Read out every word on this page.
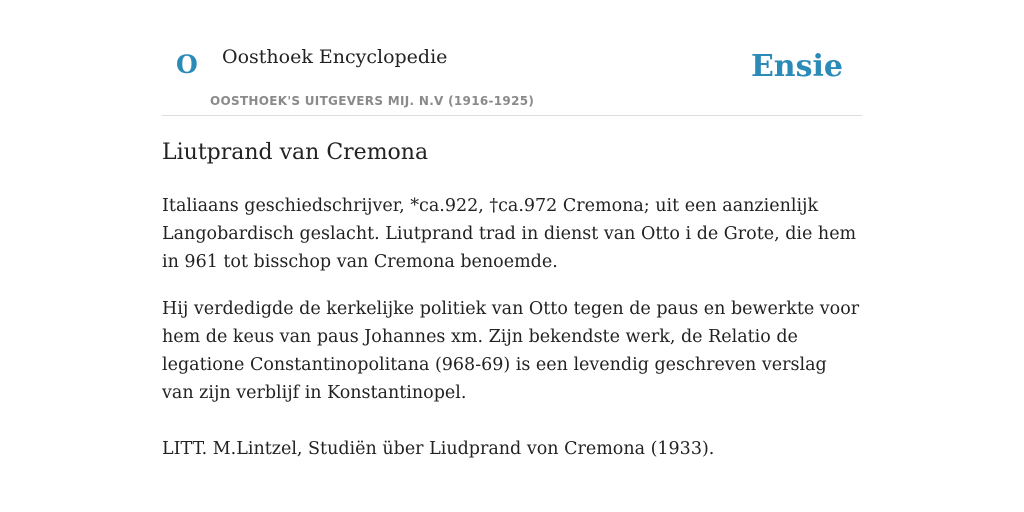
O Oosthoek Encyclopedie
OOSTHOEK'S UITGEVERS MIJ. N.V (1916-1925)
Ensie
Liutprand van Cremona

Italiaans geschiedschrijver, *ca.922, †ca.972 Cremona; uit een aanzienlijk Langobardisch geslacht. Liutprand trad in dienst van Otto i de Grote, die hem in 961 tot bisschop van Cremona benoemde.

Hij verdedigde de kerkelijke politiek van Otto tegen de paus en bewerkte voor hem de keus van paus Johannes xm. Zijn bekendste werk, de Relatio de legatione Constantinopolitana (968-69) is een levendig geschreven verslag van zijn verblijf in Konstantinopel.

LITT. M.Lintzel, Studiën über Liudprand von Cremona (1933).
